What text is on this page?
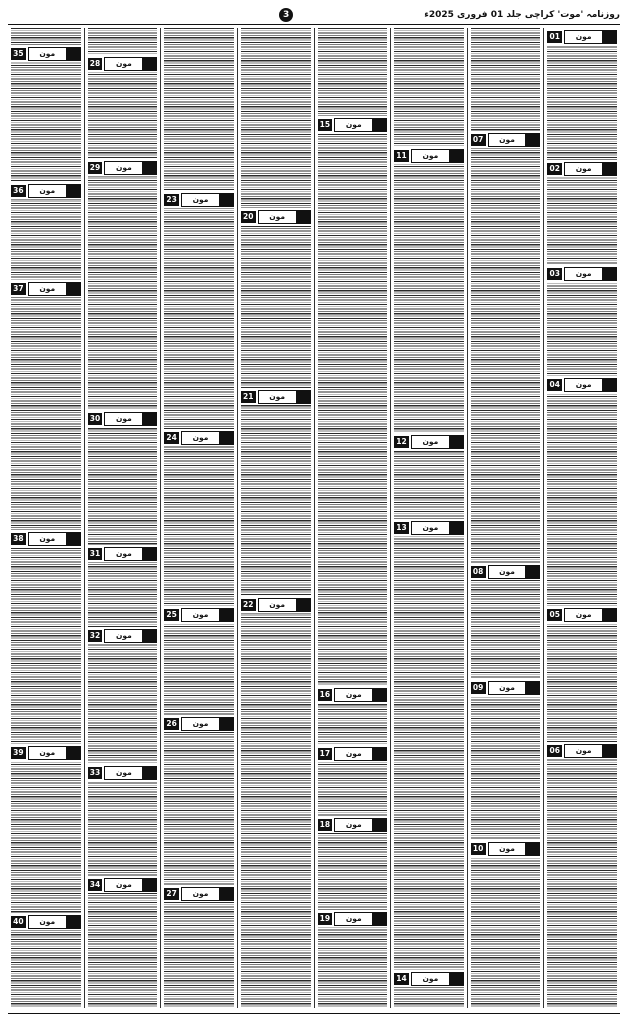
3	روزنامہ 'موت' کراچی جلد 01 فروری 2025ء
01	مون
02	مون
03	مون
04	مون
05	مون
06	مون
07	مون
08	مون
09	مون
10	مون
11	مون
12	مون
13	مون
14	مون
15	مون
16	مون
17	مون
18	مون
19	مون
20	مون
21	مون
22	مون
23	مون
24	مون
25	مون
26	مون
27	مون
28	مون
29	مون
30	مون
31	مون
32	مون
33	مون
34	مون
35	مون
36	مون
37	مون
38	مون
39	مون
40	مون
